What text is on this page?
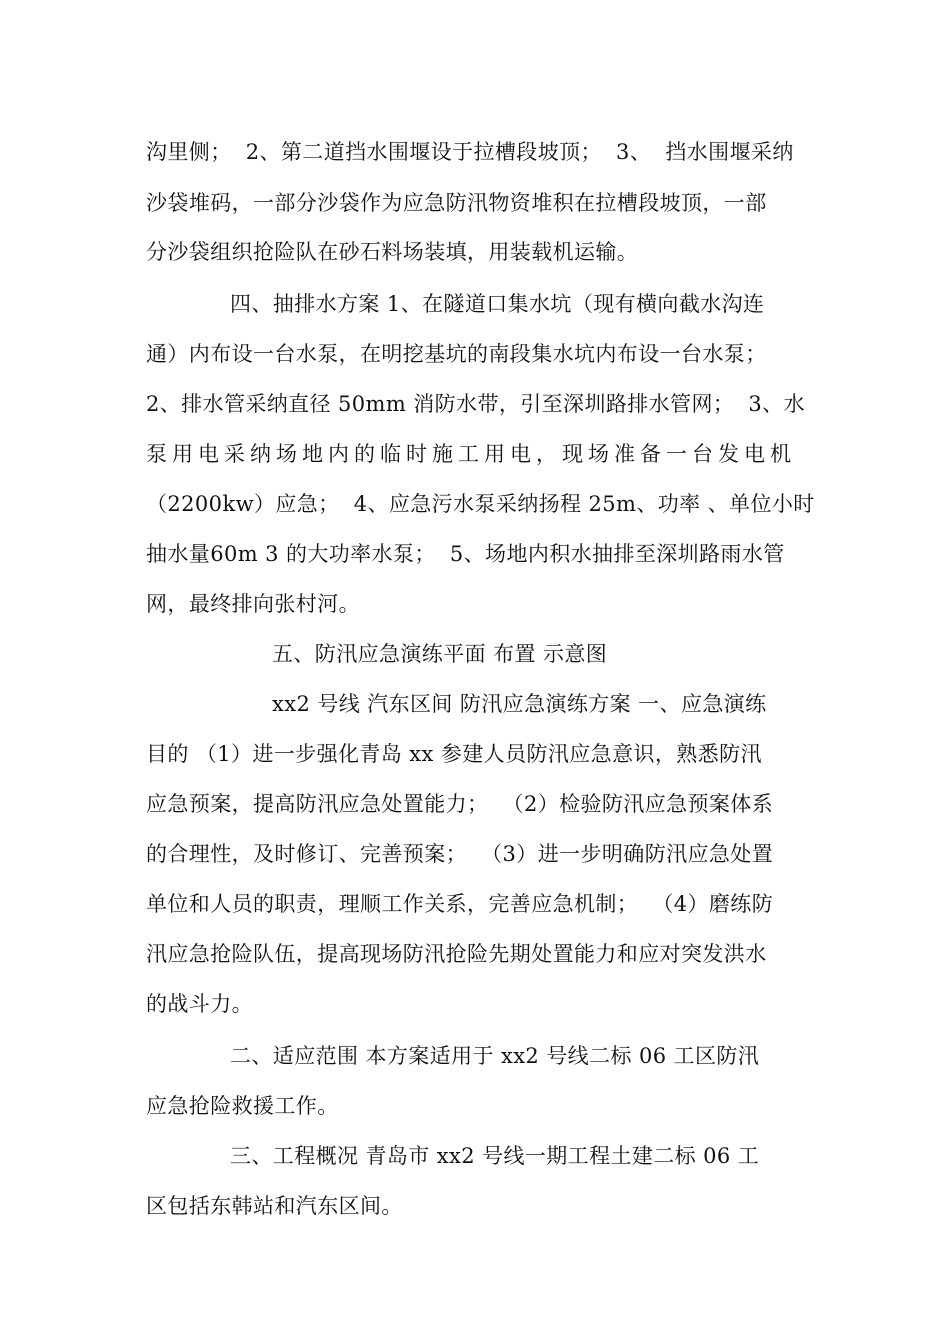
沟里侧；  2、第二道挡水围堰设于拉槽段坡顶；  3、  挡水围堰采纳
沙袋堆码，一部分沙袋作为应急防汛物资堆积在拉槽段坡顶，一部
分沙袋组织抢险队在砂石料场装填，用装载机运输。
四、抽排水方案 1、在隧道口集水坑（现有横向截水沟连
通）内布设一台水泵，在明挖基坑的南段集水坑内布设一台水泵；
2、排水管采纳直径 50mm 消防水带，引至深圳路排水管网；  3、水
泵用电采纳场地内的临时施工用电，现场准备一台发电机
（2200kw）应急；  4、应急污水泵采纳扬程 25m、功率 、单位小时
抽水量60m 3 的大功率水泵；  5、场地内积水抽排至深圳路雨水管
网，最终排向张村河。
五、防汛应急演练平面 布置 示意图
xx2 号线 汽东区间 防汛应急演练方案 一、应急演练
目的 （1）进一步强化青岛 xx 参建人员防汛应急意识，熟悉防汛
应急预案，提高防汛应急处置能力；  （2）检验防汛应急预案体系
的合理性，及时修订、完善预案；  （3）进一步明确防汛应急处置
单位和人员的职责，理顺工作关系，完善应急机制；  （4）磨练防
汛应急抢险队伍，提高现场防汛抢险先期处置能力和应对突发洪水
的战斗力。
二、适应范围 本方案适用于 xx2 号线二标 06 工区防汛
应急抢险救援工作。
三、工程概况 青岛市 xx2 号线一期工程土建二标 06 工
区包括东韩站和汽东区间。
